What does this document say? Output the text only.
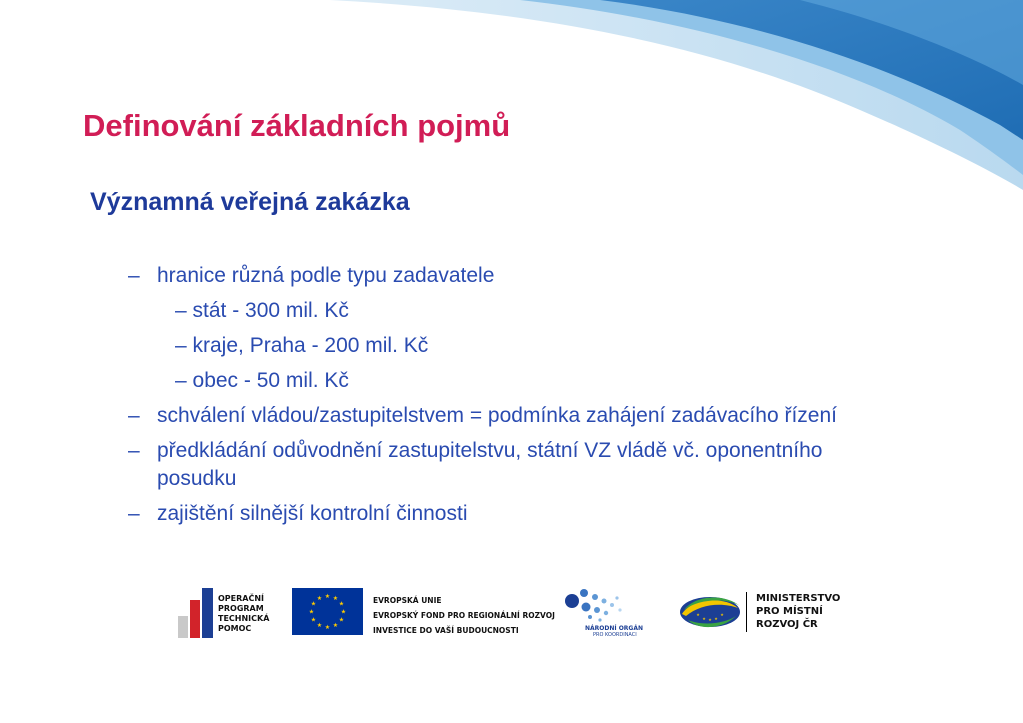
Definování základních pojmů
Významná veřejná zakázka
– hranice různá podle typu zadavatele
– stát - 300 mil. Kč
– kraje, Praha - 200 mil. Kč
– obec - 50 mil. Kč
– schválení vládou/zastupitelstvem = podmínka zahájení zadávacího řízení
– předkládání odůvodnění zastupitelstvu, státní VZ vládě vč. oponentního posudku
– zajištění silnější kontrolní činnosti
OPERAČNÍ
PROGRAM
TECHNICKÁ
POMOC
★ ★
★
★
★
★
★
★
★
★
★
★	EVROPSKÁ UNIE
EVROPSKÝ FOND PRO REGIONÁLNÍ ROZVOJ
INVESTICE DO VAŠÍ BUDOUCNOSTI	NÁRODNÍ ORGÁN
PRO KOORDINACI
★
★ ★ ★
★
MINISTERSTVO
PRO MÍSTNÍ
ROZVOJ ČR
